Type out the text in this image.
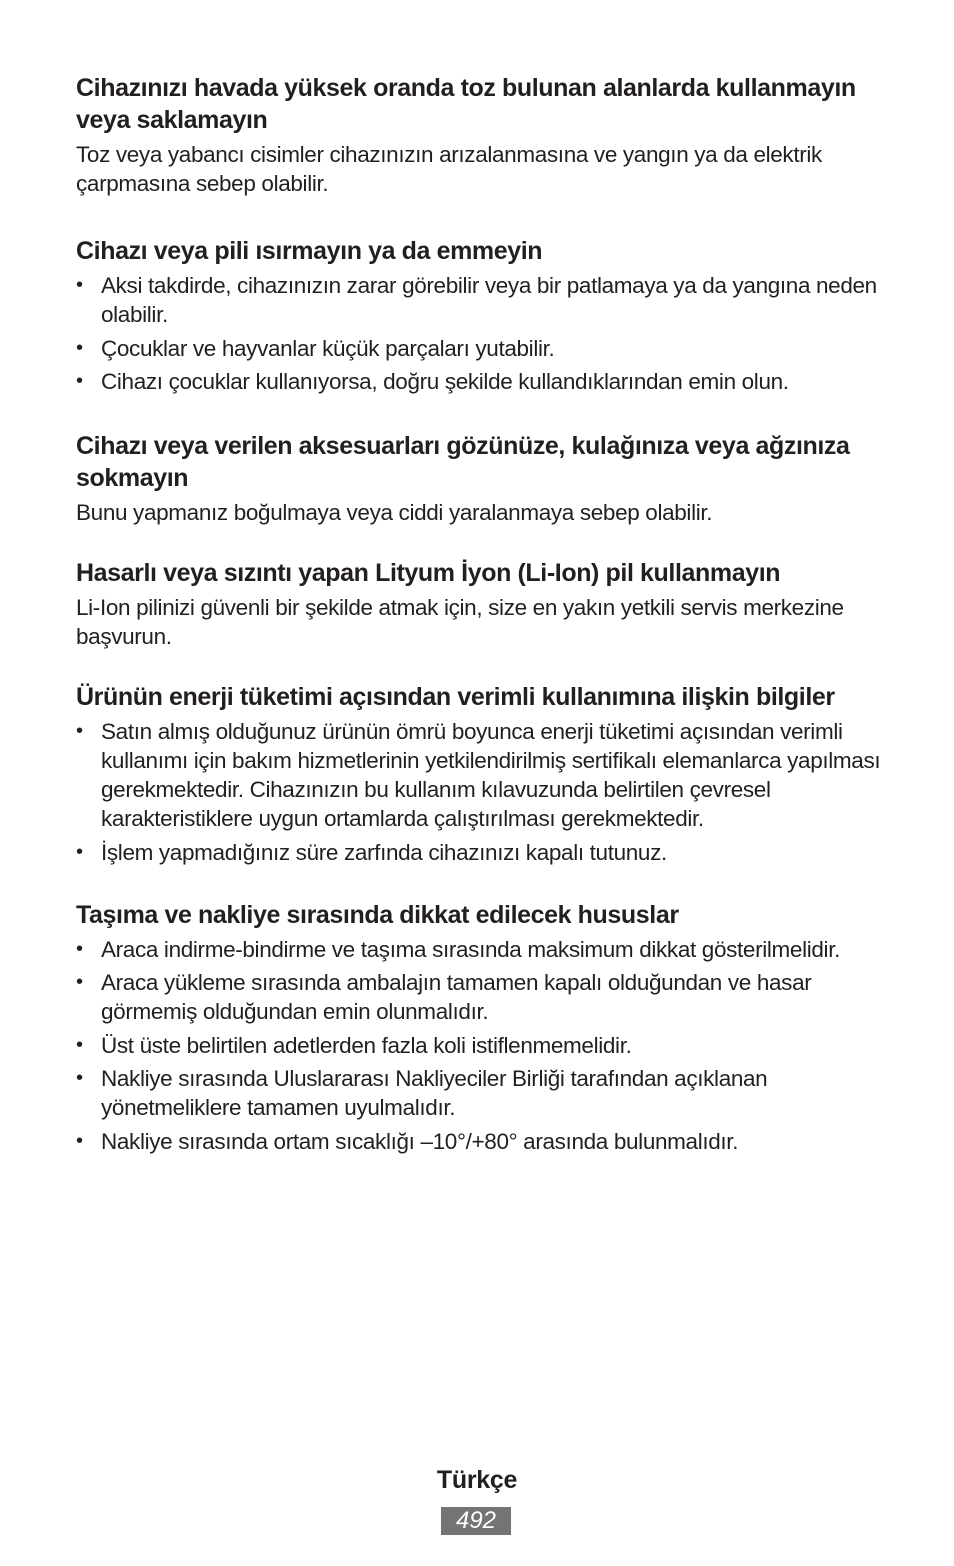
Cihazınızı havada yüksek oranda toz bulunan alanlarda kullanmayın veya saklamayın

Toz veya yabancı cisimler cihazınızın arızalanmasına ve yangın ya da elektrik çarpmasına sebep olabilir.

Cihazı veya pili ısırmayın ya da emmeyin
• Aksi takdirde, cihazınızın zarar görebilir veya bir patlamaya ya da yangına neden olabilir.
• Çocuklar ve hayvanlar küçük parçaları yutabilir.
• Cihazı çocuklar kullanıyorsa, doğru şekilde kullandıklarından emin olun.
Cihazı veya verilen aksesuarları gözünüze, kulağınıza veya ağzınıza sokmayın

Bunu yapmanız boğulmaya veya ciddi yaralanmaya sebep olabilir.

Hasarlı veya sızıntı yapan Lityum İyon (Li-Ion) pil kullanmayın

Li-Ion pilinizi güvenli bir şekilde atmak için, size en yakın yetkili servis merkezine başvurun.

Ürünün enerji tüketimi açısından verimli kullanımına ilişkin bilgiler
• Satın almış olduğunuz ürünün ömrü boyunca enerji tüketimi açısından verimli kullanımı için bakım hizmetlerinin yetkilendirilmiş sertifikalı elemanlarca yapılması gerekmektedir. Cihazınızın bu kullanım kılavuzunda belirtilen çevresel karakteristiklere uygun ortamlarda çalıştırılması gerekmektedir.
• İşlem yapmadığınız süre zarfında cihazınızı kapalı tutunuz.
Taşıma ve nakliye sırasında dikkat edilecek hususlar
• Araca indirme-bindirme ve taşıma sırasında maksimum dikkat gösterilmelidir.
• Araca yükleme sırasında ambalajın tamamen kapalı olduğundan ve hasar görmemiş olduğundan emin olunmalıdır.
• Üst üste belirtilen adetlerden fazla koli istiflenmemelidir.
• Nakliye sırasında Uluslararası Nakliyeciler Birliği tarafından açıklanan yönetmeliklere tamamen uyulmalıdır.
• Nakliye sırasında ortam sıcaklığı –10°/+80° arasında bulunmalıdır.
Türkçe
492
